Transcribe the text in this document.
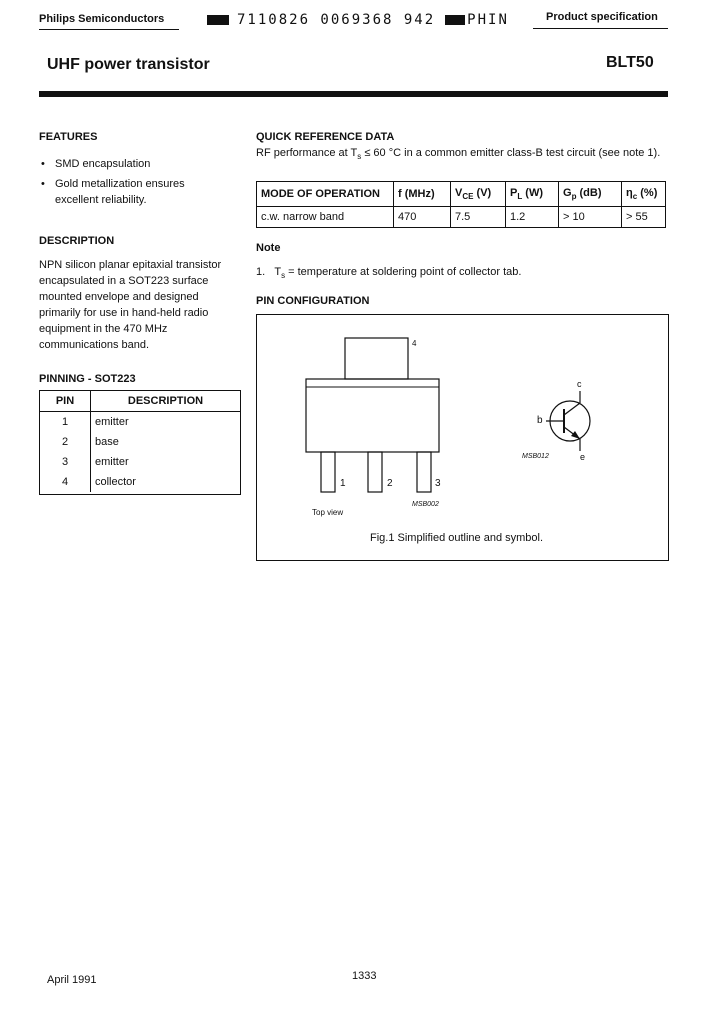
Philips Semiconductors	7110826 0069368 942 PHIN	Product specification
UHF power transistor	BLT50
FEATURES
• SMD encapsulation
• Gold metallization ensures excellent reliability.
DESCRIPTION
NPN silicon planar epitaxial transistor encapsulated in a SOT223 surface mounted envelope and designed primarily for use in hand-held radio equipment in the 470 MHz communications band.
PINNING - SOT223
PIN	DESCRIPTION
1	emitter
2	base
3	emitter
4	collector
QUICK REFERENCE DATA
RF performance at $T_s \le 60$ °C in a common emitter class-B test circuit (see note 1).
MODE OF OPERATION	f (MHz)	$V_{CE}$ (V)	$P_L$ (W)	$G_p$ (dB)	$\eta_c$ (%)
c.w. narrow band	470	7.5	1.2	> 10	> 55
Note
1. $T_s$ = temperature at soldering point of collector tab.
PIN CONFIGURATION
4
1	2	3
Top view
MSB002
MSB012
b
c
e
Fig.1 Simplified outline and symbol.
April 1991	1333
